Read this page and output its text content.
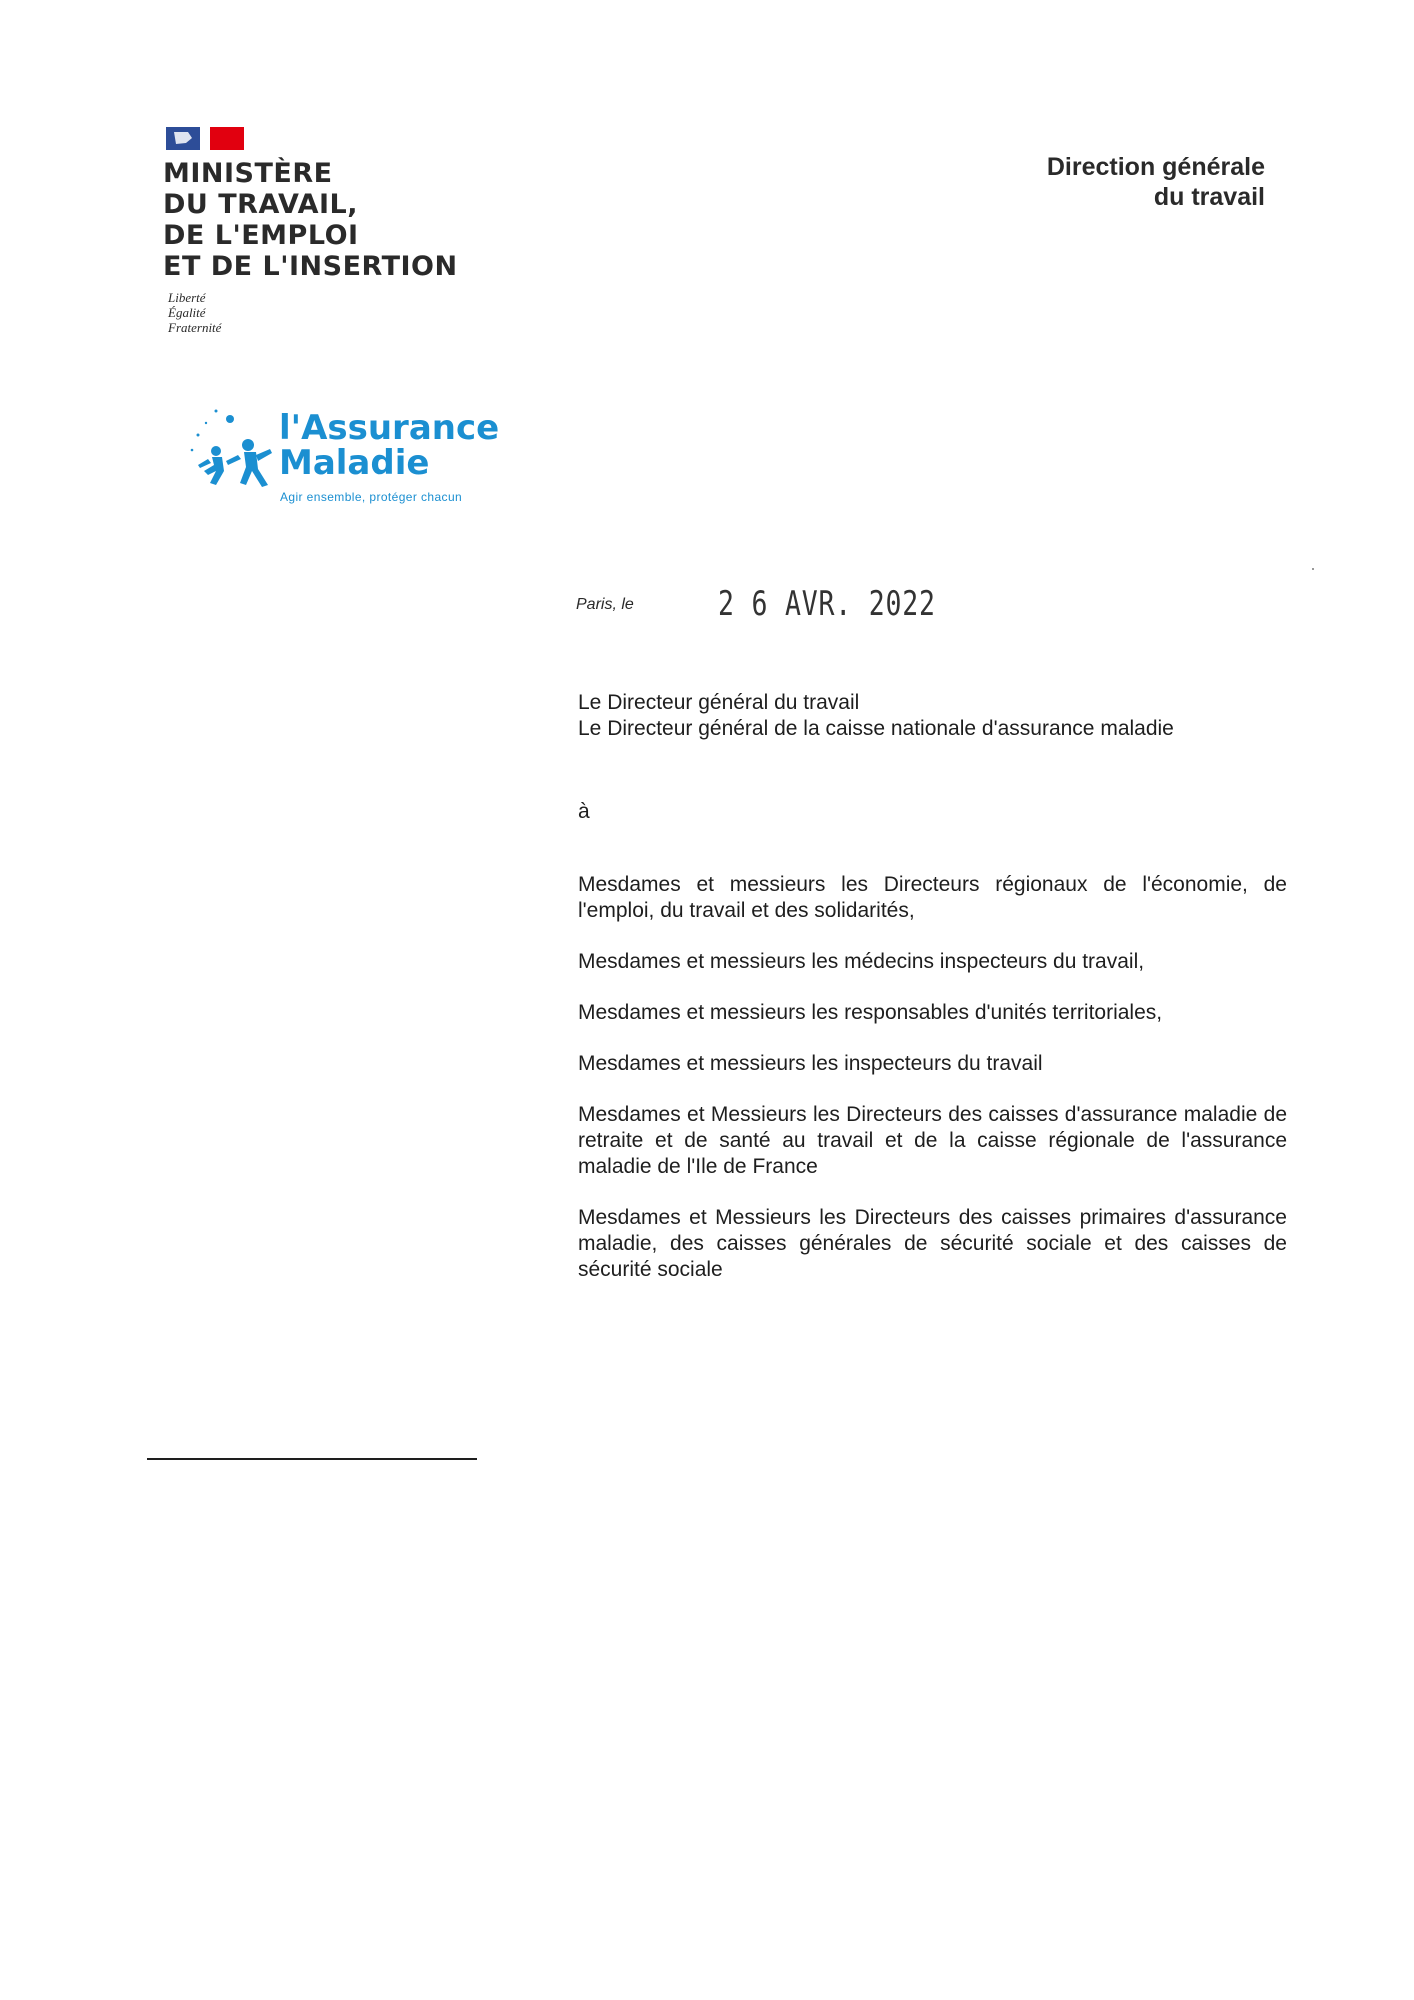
MINISTÈRE
DU TRAVAIL,
DE L'EMPLOI
ET DE L'INSERTION
Liberté
Égalité
Fraternité
Direction générale
du travail
l'Assurance
Maladie
Agir ensemble, protéger chacun
Paris, le 2 6 AVR. 2022
Le Directeur général du travail
Le Directeur général de la caisse nationale d'assurance maladie
à

Mesdames et messieurs les Directeurs régionaux de l'économie, de l'emploi, du travail et des solidarités,

Mesdames et messieurs les médecins inspecteurs du travail,

Mesdames et messieurs les responsables d'unités territoriales,

Mesdames et messieurs les inspecteurs du travail

Mesdames et Messieurs les Directeurs des caisses d'assurance maladie de retraite et de santé au travail et de la caisse régionale de l'assurance maladie de l'Ile de France

Mesdames et Messieurs les Directeurs des caisses primaires d'assurance maladie, des caisses générales de sécurité sociale et des caisses de sécurité sociale
